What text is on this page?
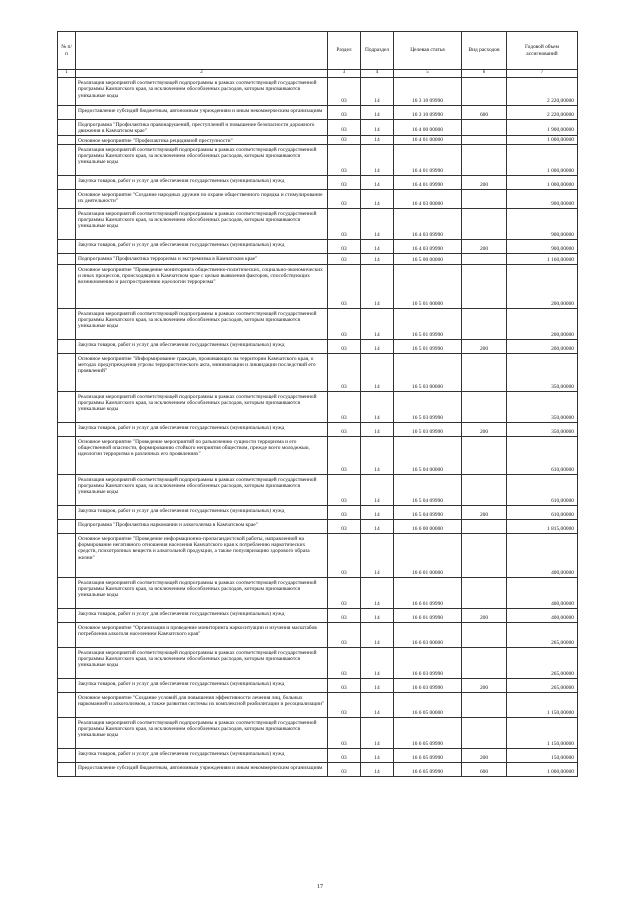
№ п/п		Раздел	Подраздел	Целевая статья	Вид расходов	Годовой объем ассигнований
1	2	3	4	5	6	7
	Реализация мероприятий соответствующей подпрограммы в рамках соответствующей государственной программы Камчатского края, за исключением обособленных расходов, которым присваиваются уникальные коды	03	14	16 3 10 09990		2 220,00000
	Предоставление субсидий бюджетным, автономным учреждениям и иным некоммерческим организациям	03	14	16 3 10 09990	600	2 220,00000
	Подпрограмма "Профилактика правонарушений, преступлений и повышение безопасности дорожного движения в Камчатском крае"	03	14	16 4 00 00000		1 900,00000
	Основное мероприятие "Профилактика рецидивной преступности"	03	14	16 4 01 00000		1 000,00000
	Реализация мероприятий соответствующей подпрограммы в рамках соответствующей государственной программы Камчатского края, за исключением обособленных расходов, которым присваиваются уникальные коды	03	14	16 4 01 09990		1 000,00000
	Закупка товаров, работ и услуг для обеспечения государственных (муниципальных) нужд	03	14	16 4 01 09990	200	1 000,00000
	Основное мероприятие "Создание народных дружин по охране общественного порядка и стимулирование их деятельности"	03	14	16 4 03 00000		900,00000
	Реализация мероприятий соответствующей подпрограммы в рамках соответствующей государственной программы Камчатского края, за исключением обособленных расходов, которым присваиваются уникальные коды	03	14	16 4 03 09990		900,00000
	Закупка товаров, работ и услуг для обеспечения государственных (муниципальных) нужд	03	14	16 4 03 09990	200	900,00000
	Подпрограмма "Профилактика терроризма и экстремизма в Камчатском крае"	03	14	16 5 00 00000		1 160,00000
	Основное мероприятие "Проведение мониторинга общественно-политических, социально-экономических и иных процессов, происходящих в Камчатском крае с целью выявления факторов, способствующих возникновению и распространению идеологии терроризма"	03	14	16 5 01 00000		200,00000
	Реализация мероприятий соответствующей подпрограммы в рамках соответствующей государственной программы Камчатского края, за исключением обособленных расходов, которым присваиваются уникальные коды	03	14	16 5 01 09990		200,00000
	Закупка товаров, работ и услуг для обеспечения государственных (муниципальных) нужд	03	14	16 5 01 09990	200	200,00000
	Основное мероприятие "Информирование граждан, проживающих на территории Камчатского края, о методах предупреждения угрозы террористического акта, минимизации и ликвидации последствий его проявлений"	03	14	16 5 03 00000		350,00000
	Реализация мероприятий соответствующей подпрограммы в рамках соответствующей государственной программы Камчатского края, за исключением обособленных расходов, которым присваиваются уникальные коды	03	14	16 5 03 09990		350,00000
	Закупка товаров, работ и услуг для обеспечения государственных (муниципальных) нужд	03	14	16 5 03 09990	200	350,00000
	Основное мероприятие "Проведение мероприятий по разъяснению сущности терроризма и его общественной опасности, формированию стойкого неприятия обществом, прежде всего молодежью, идеологии терроризма в различных его проявлениях"	03	14	16 5 04 00000		610,00000
	Реализация мероприятий соответствующей подпрограммы в рамках соответствующей государственной программы Камчатского края, за исключением обособленных расходов, которым присваиваются уникальные коды	03	14	16 5 04 09990		610,00000
	Закупка товаров, работ и услуг для обеспечения государственных (муниципальных) нужд	03	14	16 5 04 09990	200	610,00000
	Подпрограмма "Профилактика наркомании и алкоголизма в Камчатском крае"	03	14	16 6 00 00000		1 815,00000
	Основное мероприятие "Проведение информационно-пропагандистской работы, направленной на формирование негативного отношения населения Камчатского края к потреблению наркотических средств, психотропных веществ и алкогольной продукции, а также популяризацию здорового образа жизни"	03	14	16 6 01 00000		400,00000
	Реализация мероприятий соответствующей подпрограммы в рамках соответствующей государственной программы Камчатского края, за исключением обособленных расходов, которым присваиваются уникальные коды	03	14	16 6 01 09990		400,00000
	Закупка товаров, работ и услуг для обеспечения государственных (муниципальных) нужд	03	14	16 6 01 09990	200	400,00000
	Основное мероприятие "Организация и проведение мониторинга наркоситуации и изучения масштабов потребления алкоголя населением Камчатского края"	03	14	16 6 03 00000		265,00000
	Реализация мероприятий соответствующей подпрограммы в рамках соответствующей государственной программы Камчатского края, за исключением обособленных расходов, которым присваиваются уникальные коды	03	14	16 6 03 09990		265,00000
	Закупка товаров, работ и услуг для обеспечения государственных (муниципальных) нужд	03	14	16 6 03 09990	200	265,00000
	Основное мероприятие "Создание условий для повышения эффективности лечения лиц, больных наркоманией и алкоголизмом, а также развития системы их комплексной реабилитации и ресоциализации"	03	14	16 6 05 00000		1 150,00000
	Реализация мероприятий соответствующей подпрограммы в рамках соответствующей государственной программы Камчатского края, за исключением обособленных расходов, которым присваиваются уникальные коды	03	14	16 6 05 09990		1 150,00000
	Закупка товаров, работ и услуг для обеспечения государственных (муниципальных) нужд	03	14	16 6 05 09990	200	150,00000
	Предоставление субсидий бюджетным, автономным учреждениям и иным некоммерческим организациям	03	14	16 6 05 09990	600	1 000,00000
17
